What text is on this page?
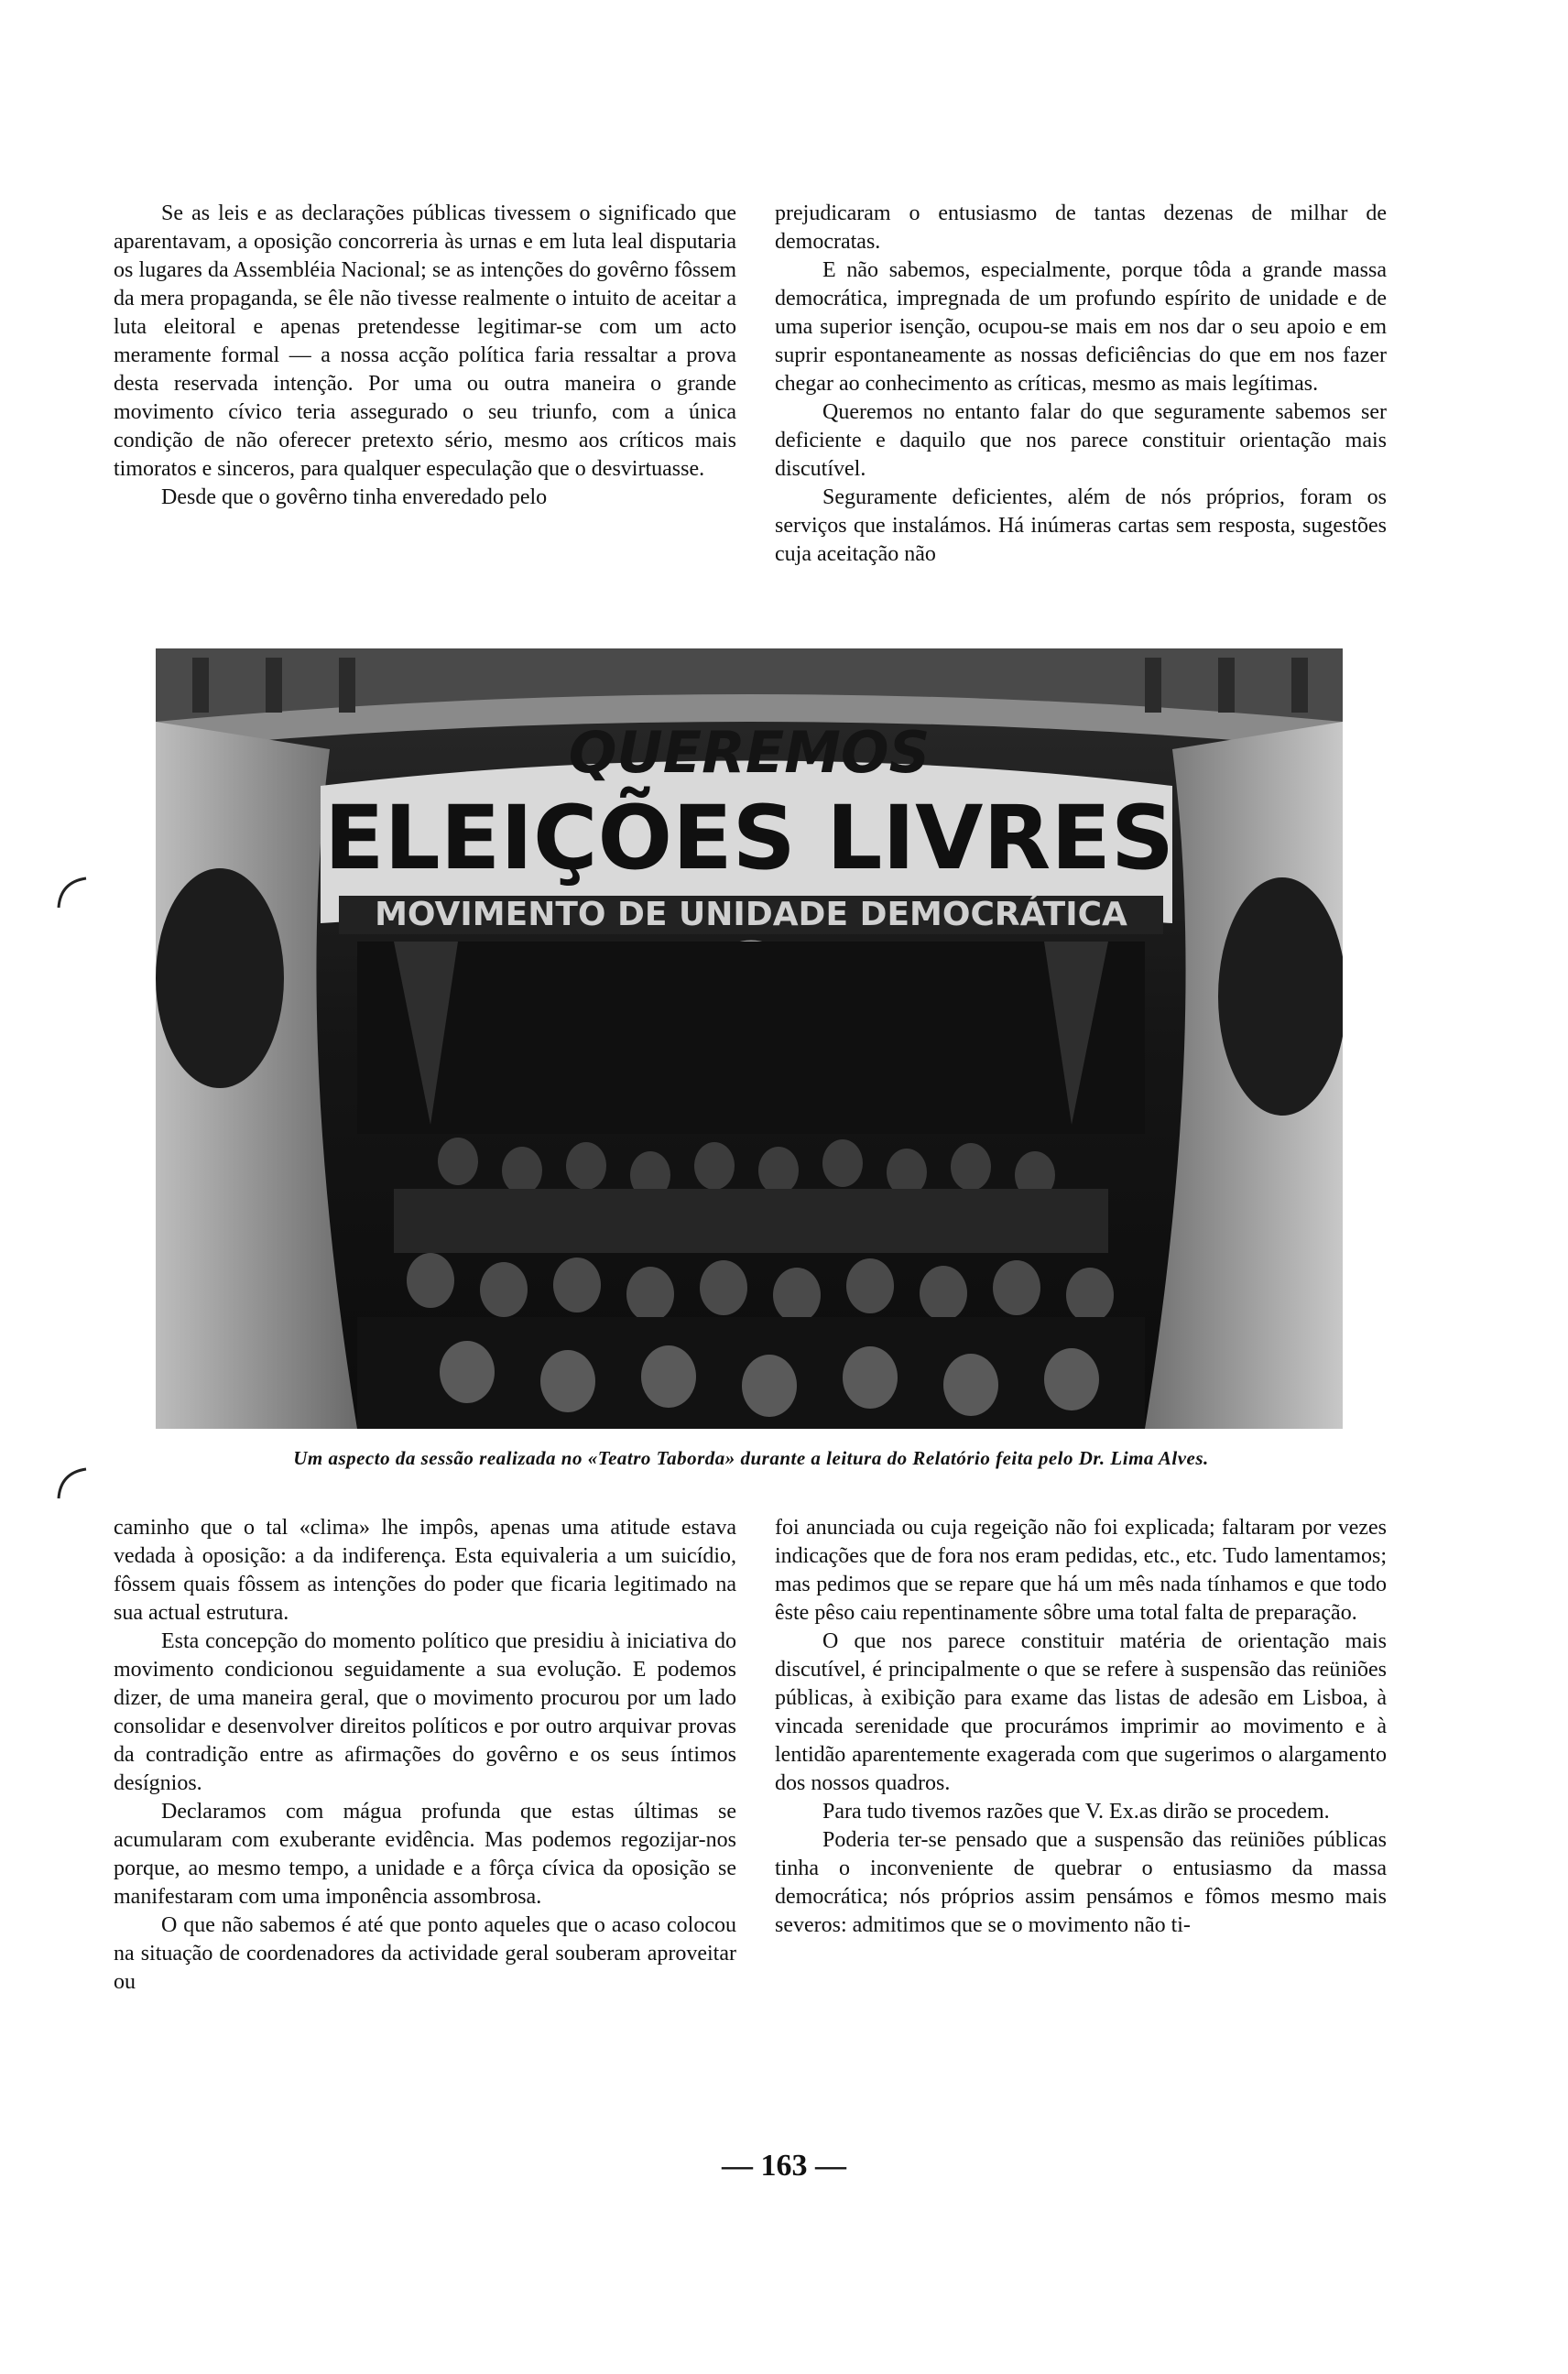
Se as leis e as declarações públicas tivessem o significado que aparentavam, a oposição concorreria às urnas e em luta leal disputaria os lugares da Assembléia Nacional; se as intenções do govêrno fôssem da mera propaganda, se êle não tivesse realmente o intuito de aceitar a luta eleitoral e apenas pretendesse legitimar-se com um acto meramente formal — a nossa acção política faria ressaltar a prova desta reservada intenção. Por uma ou outra maneira o grande movimento cívico teria assegurado o seu triunfo, com a única condição de não oferecer pretexto sério, mesmo aos críticos mais timoratos e sinceros, para qualquer especulação que o desvirtuasse.

Desde que o govêrno tinha enveredado pelo

prejudicaram o entusiasmo de tantas dezenas de milhar de democratas.

E não sabemos, especialmente, porque tôda a grande massa democrática, impregnada de um profundo espírito de unidade e de uma superior isenção, ocupou-se mais em nos dar o seu apoio e em suprir espontaneamente as nossas deficiências do que em nos fazer chegar ao conhecimento as críticas, mesmo as mais legítimas.

Queremos no entanto falar do que seguramente sabemos ser deficiente e daquilo que nos parece constituir orientação mais discutível.

Seguramente deficientes, além de nós próprios, foram os serviços que instalámos. Há inúmeras cartas sem resposta, sugestões cuja aceitação não

QUEREMOS
ELEIÇÕES LIVRES
MOVIMENTO DE UNIDADE DEMOCRÁTICA
Um aspecto da sessão realizada no «Teatro Taborda» durante a leitura do Relatório feita pelo Dr. Lima Alves.

caminho que o tal «clima» lhe impôs, apenas uma atitude estava vedada à oposição: a da indiferença. Esta equivaleria a um suicídio, fôssem quais fôssem as intenções do poder que ficaria legitimado na sua actual estrutura.

Esta concepção do momento político que presidiu à iniciativa do movimento condicionou seguidamente a sua evolução. E podemos dizer, de uma maneira geral, que o movimento procurou por um lado consolidar e desenvolver direitos políticos e por outro arquivar provas da contradição entre as afirmações do govêrno e os seus íntimos desígnios.

Declaramos com mágua profunda que estas últimas se acumularam com exuberante evidência. Mas podemos regozijar-nos porque, ao mesmo tempo, a unidade e a fôrça cívica da oposição se manifestaram com uma imponência assombrosa.

O que não sabemos é até que ponto aqueles que o acaso colocou na situação de coordenadores da actividade geral souberam aproveitar ou

foi anunciada ou cuja regeição não foi explicada; faltaram por vezes indicações que de fora nos eram pedidas, etc., etc. Tudo lamentamos; mas pedimos que se repare que há um mês nada tínhamos e que todo êste pêso caiu repentinamente sôbre uma total falta de preparação.

O que nos parece constituir matéria de orientação mais discutível, é principalmente o que se refere à suspensão das reüniões públicas, à exibição para exame das listas de adesão em Lisboa, à vincada serenidade que procurámos imprimir ao movimento e à lentidão aparentemente exagerada com que sugerimos o alargamento dos nossos quadros.

Para tudo tivemos razões que V. Ex.as dirão se procedem.

Poderia ter-se pensado que a suspensão das reüniões públicas tinha o inconveniente de quebrar o entusiasmo da massa democrática; nós próprios assim pensámos e fômos mesmo mais severos: admitimos que se o movimento não ti-

— 163 —
